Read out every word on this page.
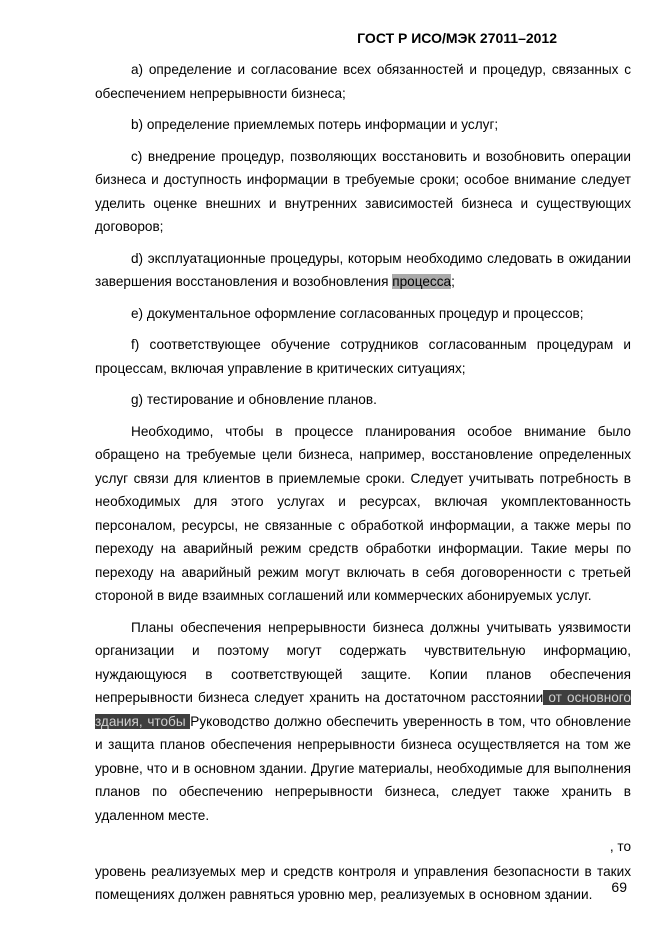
ГОСТ Р ИСО/МЭК 27011–2012

а) определение и согласование всех обязанностей и процедур, связанных с обеспечением непрерывности бизнеса;

b) определение приемлемых потерь информации и услуг;

с) внедрение процедур, позволяющих восстановить и возобновить операции бизнеса и доступность информации в требуемые сроки; особое внимание следует уделить оценке внешних и внутренних зависимостей бизнеса и существующих договоров;

d) эксплуатационные процедуры, которым необходимо следовать в ожидании завершения восстановления и возобновления процесса;

е) документальное оформление согласованных процедур и процессов;

f) соответствующее обучение сотрудников согласованным процедурам и процессам, включая управление в критических ситуациях;

g) тестирование и обновление планов.

Необходимо, чтобы в процессе планирования особое внимание было обращено на требуемые цели бизнеса, например, восстановление определенных услуг связи для клиентов в приемлемые сроки. Следует учитывать потребность в необходимых для этого услугах и ресурсах, включая укомплектованность персоналом, ресурсы, не связанные с обработкой информации, а также меры по переходу на аварийный режим средств обработки информации. Такие меры по переходу на аварийный режим могут включать в себя договоренности с третьей стороной в виде взаимных соглашений или коммерческих абонируемых услуг.

Планы обеспечения непрерывности бизнеса должны учитывать уязвимости организации и поэтому могут содержать чувствительную информацию, нуждающуюся в соответствующей защите. Копии планов обеспечения непрерывности бизнеса следует хранить на достаточном расстоянии от основного здания, чтобы Руководство должно обеспечить уверенность в том, что обновление и защита планов обеспечения непрерывности бизнеса осуществляется на том же уровне, что и в основном здании. Другие материалы, необходимые для выполнения планов по обеспечению непрерывности бизнеса, следует также хранить в удаленном месте.

, то

уровень реализуемых мер и средств контроля и управления безопасности в таких помещениях должен равняться уровню мер, реализуемых в основном здании.	69
